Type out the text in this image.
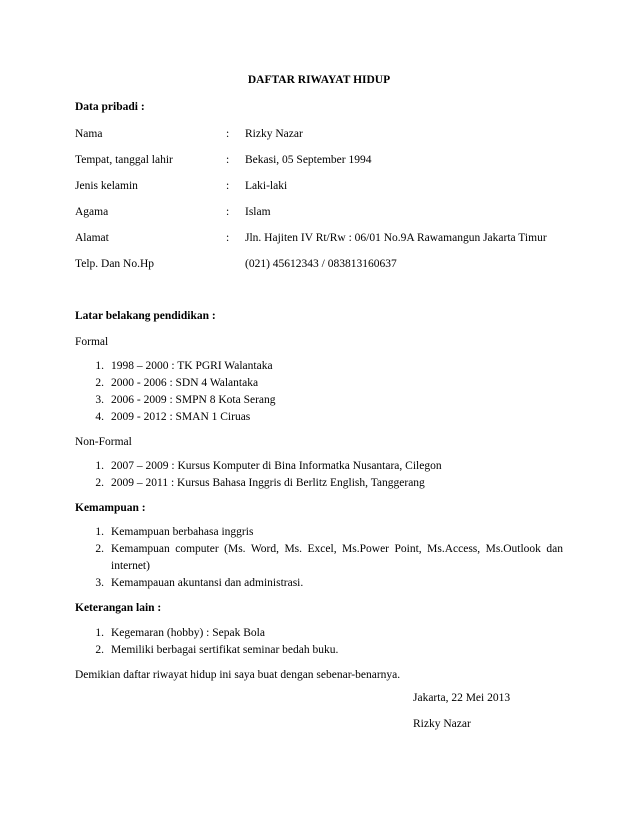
DAFTAR RIWAYAT HIDUP
Data pribadi :
Nama	: Rizky Nazar
Tempat, tanggal lahir	: Bekasi, 05 September 1994
Jenis kelamin	: Laki-laki
Agama	: Islam
Alamat	: Jln. Hajiten IV Rt/Rw : 06/01 No.9A Rawamangun Jakarta Timur
Telp. Dan No.Hp	(021) 45612343 / 083813160637
Latar belakang pendidikan :
Formal
1. 1998 – 2000 : TK PGRI Walantaka
2. 2000 - 2006 : SDN 4 Walantaka
3. 2006 - 2009 : SMPN 8 Kota Serang
4. 2009 - 2012 : SMAN 1 Ciruas
Non-Formal
1. 2007 – 2009 : Kursus Komputer di Bina Informatka Nusantara, Cilegon
2. 2009 – 2011 : Kursus Bahasa Inggris di Berlitz English, Tanggerang
Kemampuan :
1. Kemampuan berbahasa inggris
2. Kemampuan computer (Ms. Word, Ms. Excel, Ms.Power Point, Ms.Access, Ms.Outlook dan
internet)
3. Kemampauan akuntansi dan administrasi.
Keterangan lain :
1. Kegemaran (hobby) : Sepak Bola
2. Memiliki berbagai sertifikat seminar bedah buku.
Demikian daftar riwayat hidup ini saya buat dengan sebenar-benarnya.
Jakarta, 22 Mei 2013
Rizky Nazar
